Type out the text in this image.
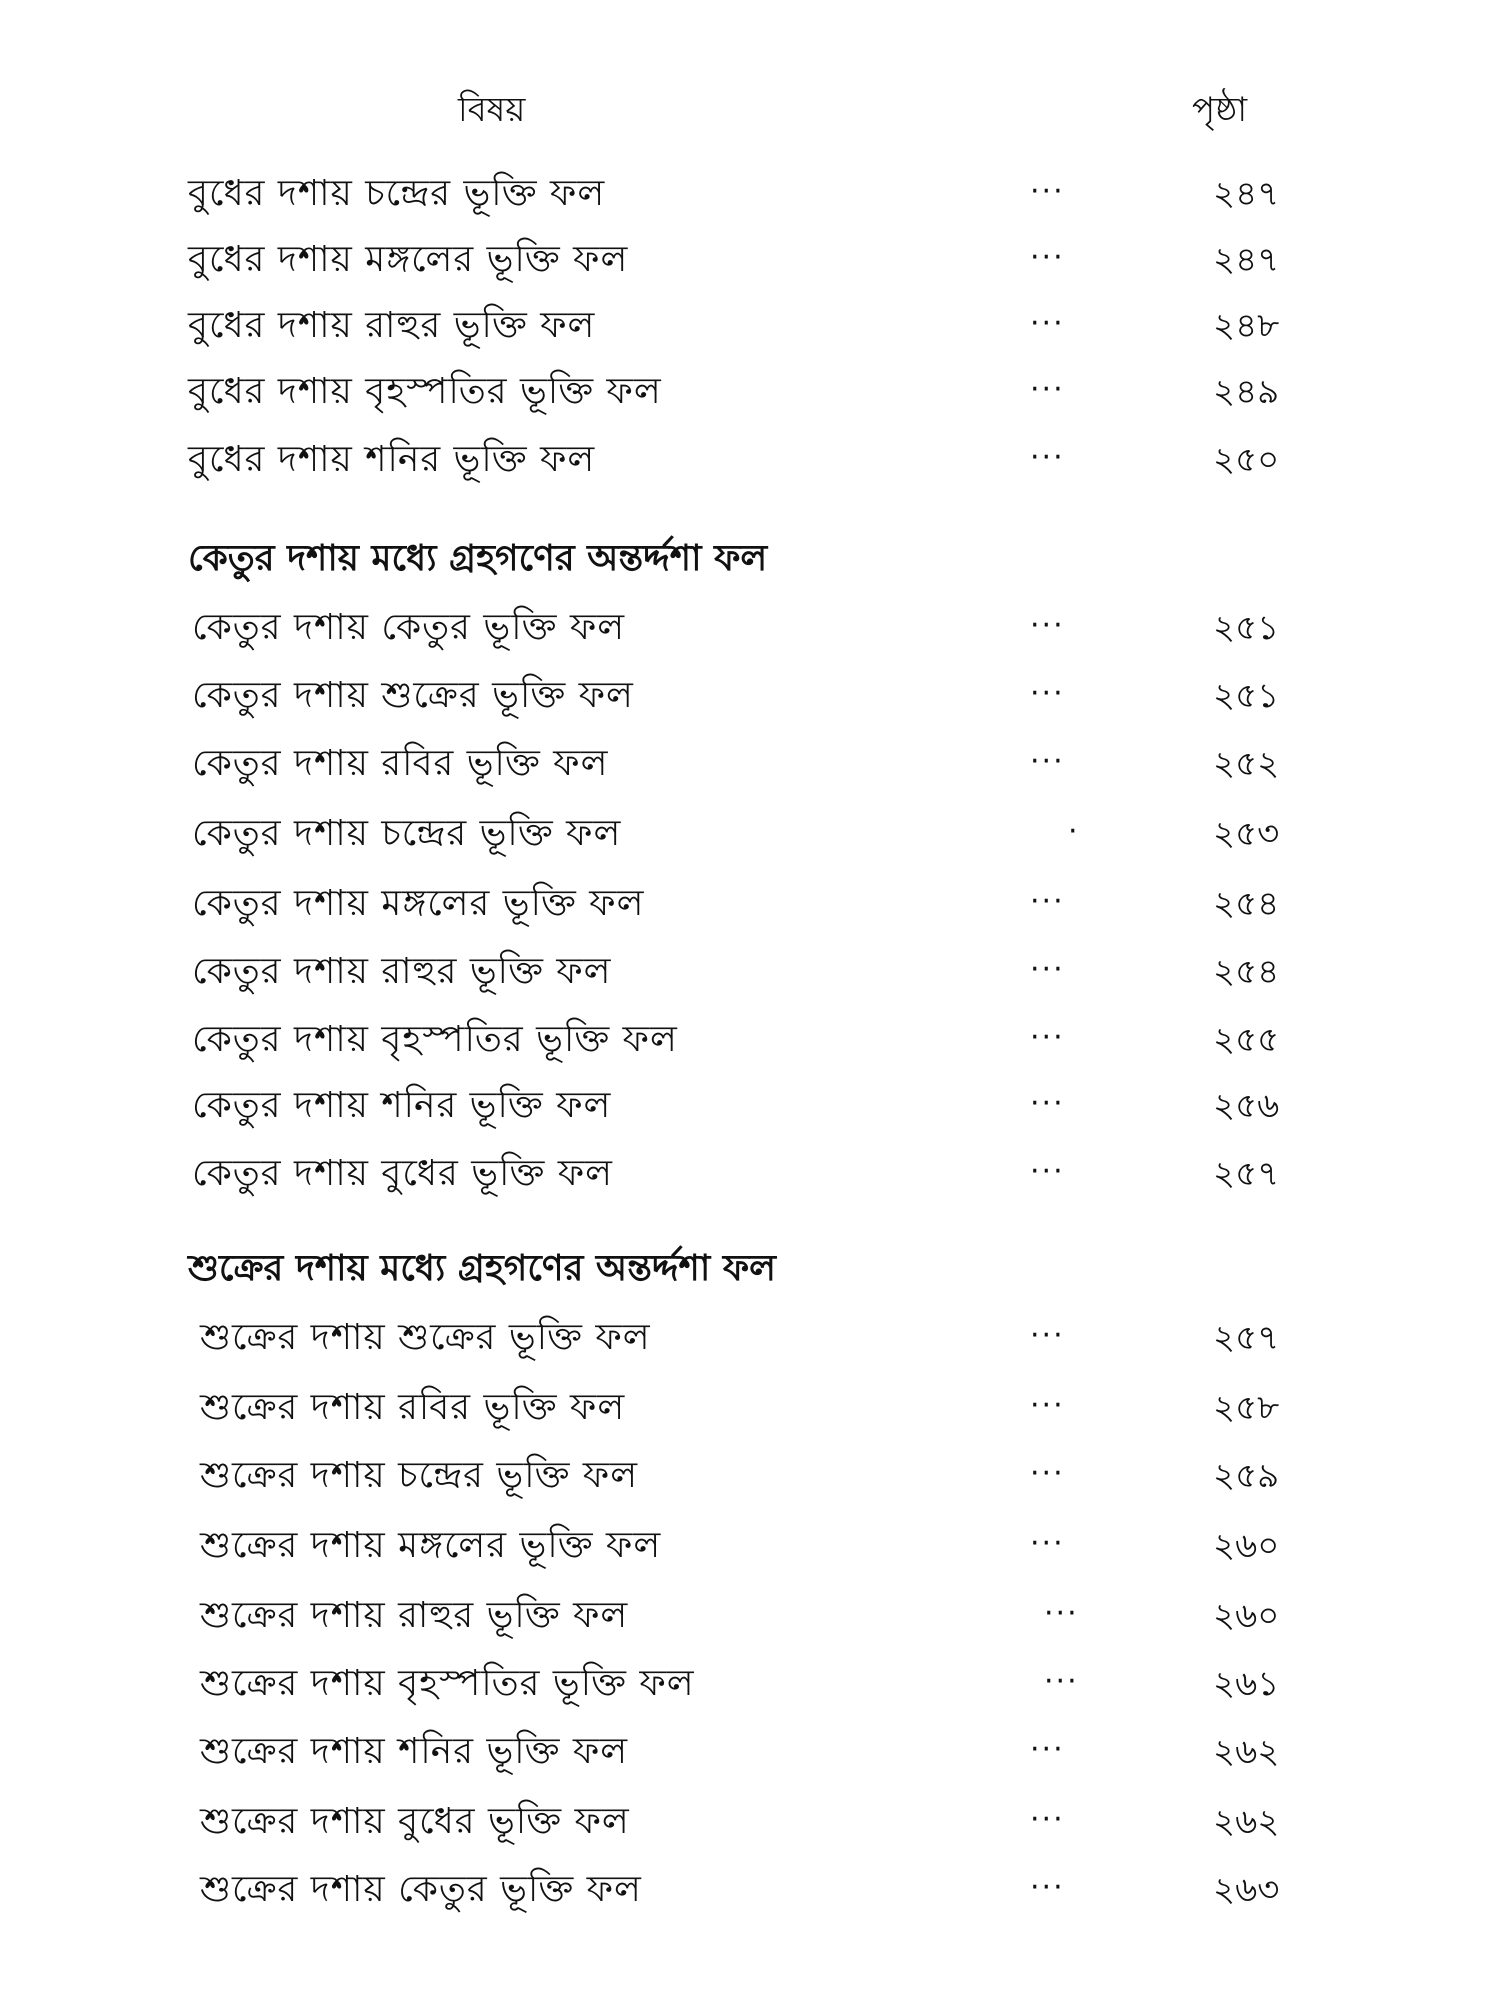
বিষয়	পৃষ্ঠা
বুধের দশায় চন্দ্রের ভূক্তি ফল	···	২৪৭
বুধের দশায় মঙ্গলের ভূক্তি ফল	···	২৪৭
বুধের দশায় রাহুর ভূক্তি ফল	···	২৪৮
বুধের দশায় বৃহস্পতির ভূক্তি ফল	···	২৪৯
বুধের দশায় শনির ভূক্তি ফল	···	২৫০
কেতুর দশায় মধ্যে গ্রহগণের অন্তর্দ্দশা ফল
কেতুর দশায় কেতুর ভূক্তি ফল	···	২৫১
কেতুর দশায় শুক্রের ভূক্তি ফল	···	২৫১
কেতুর দশায় রবির ভূক্তি ফল	···	২৫২
কেতুর দশায় চন্দ্রের ভূক্তি ফল	·	২৫৩
কেতুর দশায় মঙ্গলের ভূক্তি ফল	···	২৫৪
কেতুর দশায় রাহুর ভূক্তি ফল	···	২৫৪
কেতুর দশায় বৃহস্পতির ভূক্তি ফল	···	২৫৫
কেতুর দশায় শনির ভূক্তি ফল	···	২৫৬
কেতুর দশায় বুধের ভূক্তি ফল	···	২৫৭
শুক্রের দশায় মধ্যে গ্রহগণের অন্তর্দ্দশা ফল
শুক্রের দশায় শুক্রের ভূক্তি ফল	···	২৫৭
শুক্রের দশায় রবির ভূক্তি ফল	···	২৫৮
শুক্রের দশায় চন্দ্রের ভূক্তি ফল	···	২৫৯
শুক্রের দশায় মঙ্গলের ভূক্তি ফল	···	২৬০
শুক্রের দশায় রাহুর ভূক্তি ফল	···	২৬০
শুক্রের দশায় বৃহস্পতির ভূক্তি ফল	···	২৬১
শুক্রের দশায় শনির ভূক্তি ফল	···	২৬২
শুক্রের দশায় বুধের ভূক্তি ফল	···	২৬২
শুক্রের দশায় কেতুর ভূক্তি ফল	···	২৬৩
